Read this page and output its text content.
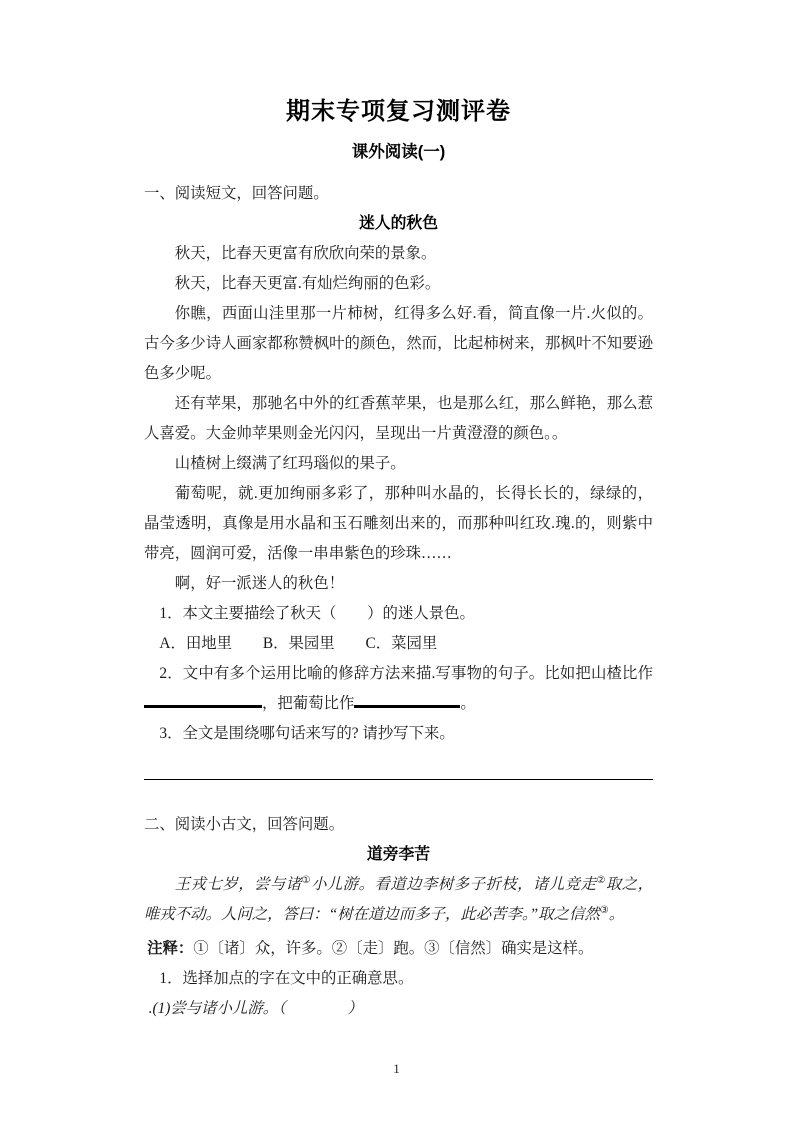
期末专项复习测评卷
课外阅读(一)

一、阅读短文，回答问题。

迷人的秋色

秋天，比春天更富有欣欣向荣的景象。

秋天，比春天更富.有灿烂绚丽的色彩。

你瞧，西面山洼里那一片柿树，红得多么好.看，简直像一片.火似的。古今多少诗人画家都称赞枫叶的颜色，然而，比起柿树来，那枫叶不知要逊色多少呢。

还有苹果，那驰名中外的红香蕉苹果，也是那么红，那么鲜艳，那么惹人喜爱。大金帅苹果则金光闪闪，呈现出一片黄澄澄的颜色。。

山楂树上缀满了红玛瑙似的果子。

葡萄呢，就.更加绚丽多彩了，那种叫水晶的，长得长长的，绿绿的，晶莹透明，真像是用水晶和玉石雕刻出来的，而那种叫红玫.瑰.的，则紫中带亮，圆润可爱，活像一串串紫色的珍珠……

啊，好一派迷人的秋色！

1．本文主要描绘了秋天（　　）的迷人景色。

A．田地里　　B．果园里　　C．菜园里

2．文中有多个运用比喻的修辞方法来描.写事物的句子。比如把山楂比作，把葡萄比作	。

3．全文是围绕哪句话来写的? 请抄写下来。

二、阅读小古文，回答问题。

道旁李苦

王戎七岁，尝与诸①小儿游。看道边李树多子折枝，诸儿竞走②取之，唯戎不动。人问之，答曰：“树在道边而多子，此必苦李。”取之信然③。

注释：①〔诸〕众，许多。②〔走〕跑。③〔信然〕确实是这样。

1．选择加点的字在文中的正确意思。

.(1)尝与诸小儿游。（　　　　）

1
